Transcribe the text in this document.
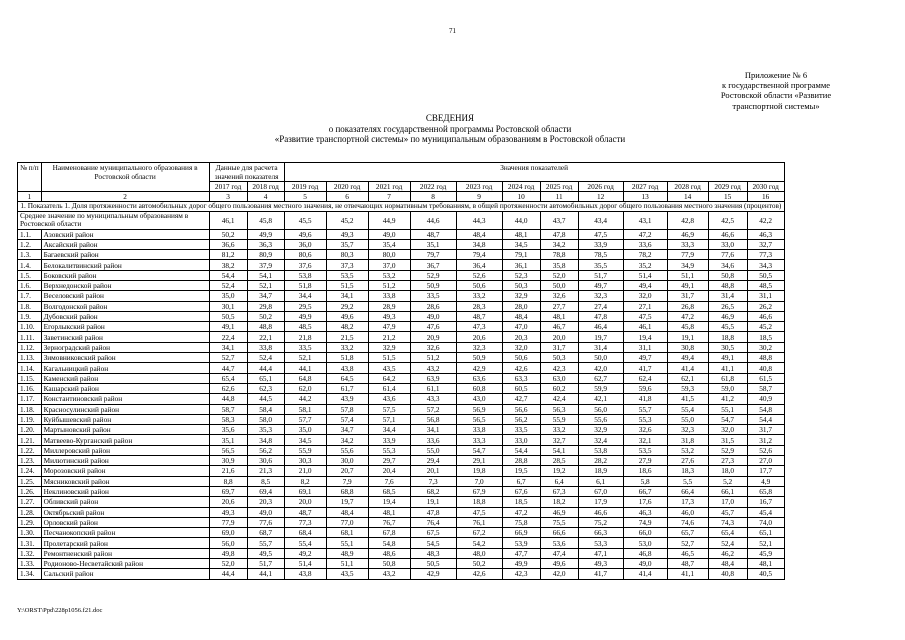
71
Приложение № 6
к государственной программе
Ростовской области «Развитие
транспортной системы»
СВЕДЕНИЯ
о показателях государственной программы Ростовской области
«Развитие транспортной системы» по муниципальным образованиям в Ростовской области
№ п/п	Наименование муниципального образования в Ростовской области	Данные для расчета значений показателя		Значения показателей											
		2017 год	2018 год	2019 год	2020 год	2021 год	2022 год	2023 год	2024 год	2025 год	2026 год	2027 год	2028 год	2029 год	2030 год
1	2	3	4	5	6	7	8	9	10	11	12	13	14	15	16
1. Показатель 1. Доля протяженности автомобильных дорог общего пользования местного значения, не отвечающих нормативным требованиям, в общей протяженности автомобильных дорог общего пользования местного значения (процентов)															
Среднее значение по муниципальным образованиям в Ростовской области		46,1	45,8	45,5	45,2	44,9	44,6	44,3	44,0	43,7	43,4	43,1	42,8	42,5	42,2
1.1.	Азовский район	50,2	49,9	49,6	49,3	49,0	48,7	48,4	48,1	47,8	47,5	47,2	46,9	46,6	46,3
1.2.	Аксайский район	36,6	36,3	36,0	35,7	35,4	35,1	34,8	34,5	34,2	33,9	33,6	33,3	33,0	32,7
1.3.	Багаевский район	81,2	80,9	80,6	80,3	80,0	79,7	79,4	79,1	78,8	78,5	78,2	77,9	77,6	77,3
1.4.	Белокалитвинский район	38,2	37,9	37,6	37,3	37,0	36,7	36,4	36,1	35,8	35,5	35,2	34,9	34,6	34,3
1.5.	Боковский район	54,4	54,1	53,8	53,5	53,2	52,9	52,6	52,3	52,0	51,7	51,4	51,1	50,8	50,5
1.6.	Верхнедонской район	52,4	52,1	51,8	51,5	51,2	50,9	50,6	50,3	50,0	49,7	49,4	49,1	48,8	48,5
1.7.	Веселовский район	35,0	34,7	34,4	34,1	33,8	33,5	33,2	32,9	32,6	32,3	32,0	31,7	31,4	31,1
1.8.	Волгодонской район	30,1	29,8	29,5	29,2	28,9	28,6	28,3	28,0	27,7	27,4	27,1	26,8	26,5	26,2
1.9.	Дубовский район	50,5	50,2	49,9	49,6	49,3	49,0	48,7	48,4	48,1	47,8	47,5	47,2	46,9	46,6
1.10.	Егорлыкский район	49,1	48,8	48,5	48,2	47,9	47,6	47,3	47,0	46,7	46,4	46,1	45,8	45,5	45,2
1.11.	Заветинский район	22,4	22,1	21,8	21,5	21,2	20,9	20,6	20,3	20,0	19,7	19,4	19,1	18,8	18,5
1.12.	Зерноградский район	34,1	33,8	33,5	33,2	32,9	32,6	32,3	32,0	31,7	31,4	31,1	30,8	30,5	30,2
1.13.	Зимовниковский район	52,7	52,4	52,1	51,8	51,5	51,2	50,9	50,6	50,3	50,0	49,7	49,4	49,1	48,8
1.14.	Кагальницкий район	44,7	44,4	44,1	43,8	43,5	43,2	42,9	42,6	42,3	42,0	41,7	41,4	41,1	40,8
1.15.	Каменский район	65,4	65,1	64,8	64,5	64,2	63,9	63,6	63,3	63,0	62,7	62,4	62,1	61,8	61,5
1.16.	Кашарский район	62,6	62,3	62,0	61,7	61,4	61,1	60,8	60,5	60,2	59,9	59,6	59,3	59,0	58,7
1.17.	Константиновский район	44,8	44,5	44,2	43,9	43,6	43,3	43,0	42,7	42,4	42,1	41,8	41,5	41,2	40,9
1.18.	Красносулинский район	58,7	58,4	58,1	57,8	57,5	57,2	56,9	56,6	56,3	56,0	55,7	55,4	55,1	54,8
1.19.	Куйбышевский район	58,3	58,0	57,7	57,4	57,1	56,8	56,5	56,2	55,9	55,6	55,3	55,0	54,7	54,4
1.20.	Мартыновский район	35,6	35,3	35,0	34,7	34,4	34,1	33,8	33,5	33,2	32,9	32,6	32,3	32,0	31,7
1.21.	Матвеево-Курганский район	35,1	34,8	34,5	34,2	33,9	33,6	33,3	33,0	32,7	32,4	32,1	31,8	31,5	31,2
1.22.	Миллеровский район	56,5	56,2	55,9	55,6	55,3	55,0	54,7	54,4	54,1	53,8	53,5	53,2	52,9	52,6
1.23.	Милютинский район	30,9	30,6	30,3	30,0	29,7	29,4	29,1	28,8	28,5	28,2	27,9	27,6	27,3	27,0
1.24.	Морозовский район	21,6	21,3	21,0	20,7	20,4	20,1	19,8	19,5	19,2	18,9	18,6	18,3	18,0	17,7
1.25.	Мясниковский район	8,8	8,5	8,2	7,9	7,6	7,3	7,0	6,7	6,4	6,1	5,8	5,5	5,2	4,9
1.26.	Неклиновский район	69,7	69,4	69,1	68,8	68,5	68,2	67,9	67,6	67,3	67,0	66,7	66,4	66,1	65,8
1.27.	Обливский район	20,6	20,3	20,0	19,7	19,4	19,1	18,8	18,5	18,2	17,9	17,6	17,3	17,0	16,7
1.28.	Октябрьский район	49,3	49,0	48,7	48,4	48,1	47,8	47,5	47,2	46,9	46,6	46,3	46,0	45,7	45,4
1.29.	Орловский район	77,9	77,6	77,3	77,0	76,7	76,4	76,1	75,8	75,5	75,2	74,9	74,6	74,3	74,0
1.30.	Песчанокопский район	69,0	68,7	68,4	68,1	67,8	67,5	67,2	66,9	66,6	66,3	66,0	65,7	65,4	65,1
1.31.	Пролетарский район	56,0	55,7	55,4	55,1	54,8	54,5	54,2	53,9	53,6	53,3	53,0	52,7	52,4	52,1
1.32.	Ремонтненский район	49,8	49,5	49,2	48,9	48,6	48,3	48,0	47,7	47,4	47,1	46,8	46,5	46,2	45,9
1.33.	Родионово-Несветайский район	52,0	51,7	51,4	51,1	50,8	50,5	50,2	49,9	49,6	49,3	49,0	48,7	48,4	48,1
1.34.	Сальский район	44,4	44,1	43,8	43,5	43,2	42,9	42,6	42,3	42,0	41,7	41,4	41,1	40,8	40,5
Y:\ORST\Ppd\228p1056.f21.doc
